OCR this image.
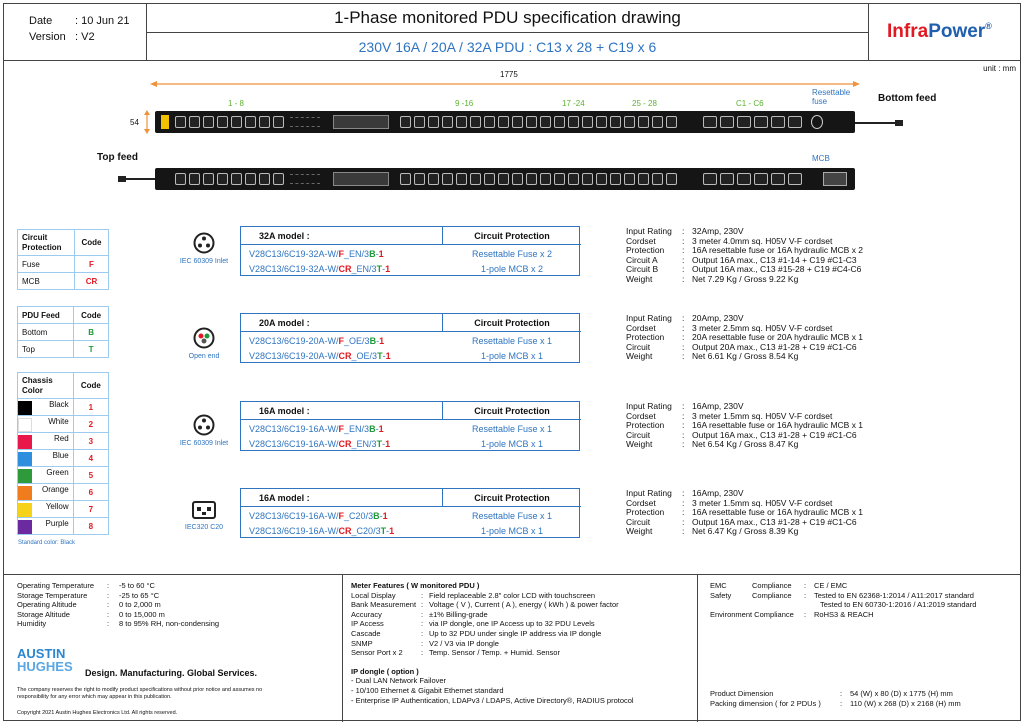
Date	: 10 Jun 21
Version : V2
1-Phase monitored PDU specification drawing
230V 16A / 20A / 32A PDU : C13 x 28 + C19 x 6
InfraPower®
unit : mm
1775
1 - 8	9 -16	17 -24	25 - 28	C1 - C6
Resettable
fuse	Bottom feed
54
Top feed	MCB
Circuit
Protection	Code
Fuse	F
MCB	CR
PDU Feed	Code
Bottom	B
Top	T
Chassis
Color	Code

Black	1

White	2

Red	3

Blue	4

Green	5

Orange	6

Yellow	7

Purple	8
Standard color: Black
IEC 60309 Inlet
32A model :	Circuit Protection
V28C13/6C19-32A-W/F_EN/3B-1	Resettable Fuse x 2
V28C13/6C19-32A-W/CR_EN/3T-1	1-pole MCB x 2
Input Rating : 32Amp, 230V
Cordset	: 3 meter 4.0mm sq. H05V V-F cordset
Protection : 16A resettable fuse or 16A hydraulic MCB x 2
Circuit A	: Output 16A max., C13 #1-14 + C19 #C1-C3
Circuit B	: Output 16A max., C13 #15-28 + C19 #C4-C6
Weight	: Net 7.29 Kg / Gross 9.22 Kg
Open end
20A model :	Circuit Protection
V28C13/6C19-20A-W/F_OE/3B-1	Resettable Fuse x 1
V28C13/6C19-20A-W/CR_OE/3T-1	1-pole MCB x 1
Input Rating : 20Amp, 230V
Cordset	: 3 meter 2.5mm sq. H05V V-F cordset
Protection : 20A resettable fuse or 20A hydraulic MCB x 1
Circuit	: Output 20A max., C13 #1-28 + C19 #C1-C6
Weight	: Net 6.61 Kg / Gross 8.54 Kg
IEC 60309 Inlet
16A model :	Circuit Protection
V28C13/6C19-16A-W/F_EN/3B-1	Resettable Fuse x 1
V28C13/6C19-16A-W/CR_EN/3T-1	1-pole MCB x 1
Input Rating : 16Amp, 230V
Cordset	: 3 meter 1.5mm sq. H05V V-F cordset
Protection : 16A resettable fuse or 16A hydraulic MCB x 1
Circuit	: Output 16A max., C13 #1-28 + C19 #C1-C6
Weight	: Net 6.54 Kg / Gross 8.47 Kg
IEC320 C20
16A model :	Circuit Protection
V28C13/6C19-16A-W/F_C20/3B-1	Resettable Fuse x 1
V28C13/6C19-16A-W/CR_C20/3T-1	1-pole MCB x 1
Input Rating : 16Amp, 230V
Cordset	: 3 meter 1.5mm sq. H05V V-F cordset
Protection : 16A resettable fuse or 16A hydraulic MCB x 1
Circuit	: Output 16A max., C13 #1-28 + C19 #C1-C6
Weight	: Net 6.47 Kg / Gross 8.39 Kg
Operating Temperature	:	-5 to 60 °C
Storage Temperature	:	-25 to 65 °C
Operating Altitude	:	0 to 2,000 m
Storage Altitude	:	0 to 15,000 m
Humidity	:	8 to 95% RH, non-condensing
AUSTIN
HUGHES Design. Manufacturing. Global Services.
The company reserves the right to modify product specifications without prior notice and assumes no responsibility for any error which may appear in this publication.
Copyright 2021 Austin Hughes Electronics Ltd. All rights reserved.
Meter Features ( W monitored PDU )
Local Display	: Field replaceable 2.8" color LCD with touchscreen
Bank Measurement : Voltage ( V ), Current ( A ), energy ( kWh ) & power factor
Accuracy	: ±1% Billing-grade
IP Access	: via IP dongle, one IP Access up to 32 PDU Levels
Cascade	: Up to 32 PDU under single IP address via IP dongle
SNMP	: V2 / V3 via IP dongle
Sensor Port x 2	: Temp. Sensor / Temp. + Humid. Sensor
IP dongle ( option )
- Dual LAN Network Failover
- 10/100 Ethernet & Gigabit Ethernet standard
- Enterprise IP Authentication, LDAPv3 / LDAPS, Active Directory®, RADIUS protocol
EMC	Compliance	:	CE / EMC
Safety	Compliance	:	Tested to EN 62368-1:2014 / A11:2017 standard
Tested to EN 60730-1:2016 / A1:2019 standard
Environment Compliance	:	RoHS3 & REACH
Product Dimension	:	54 (W) x 80 (D) x 1775 (H) mm
Packing dimension ( for 2 PDUs )	:	110 (W) x 268 (D) x 2168 (H) mm
